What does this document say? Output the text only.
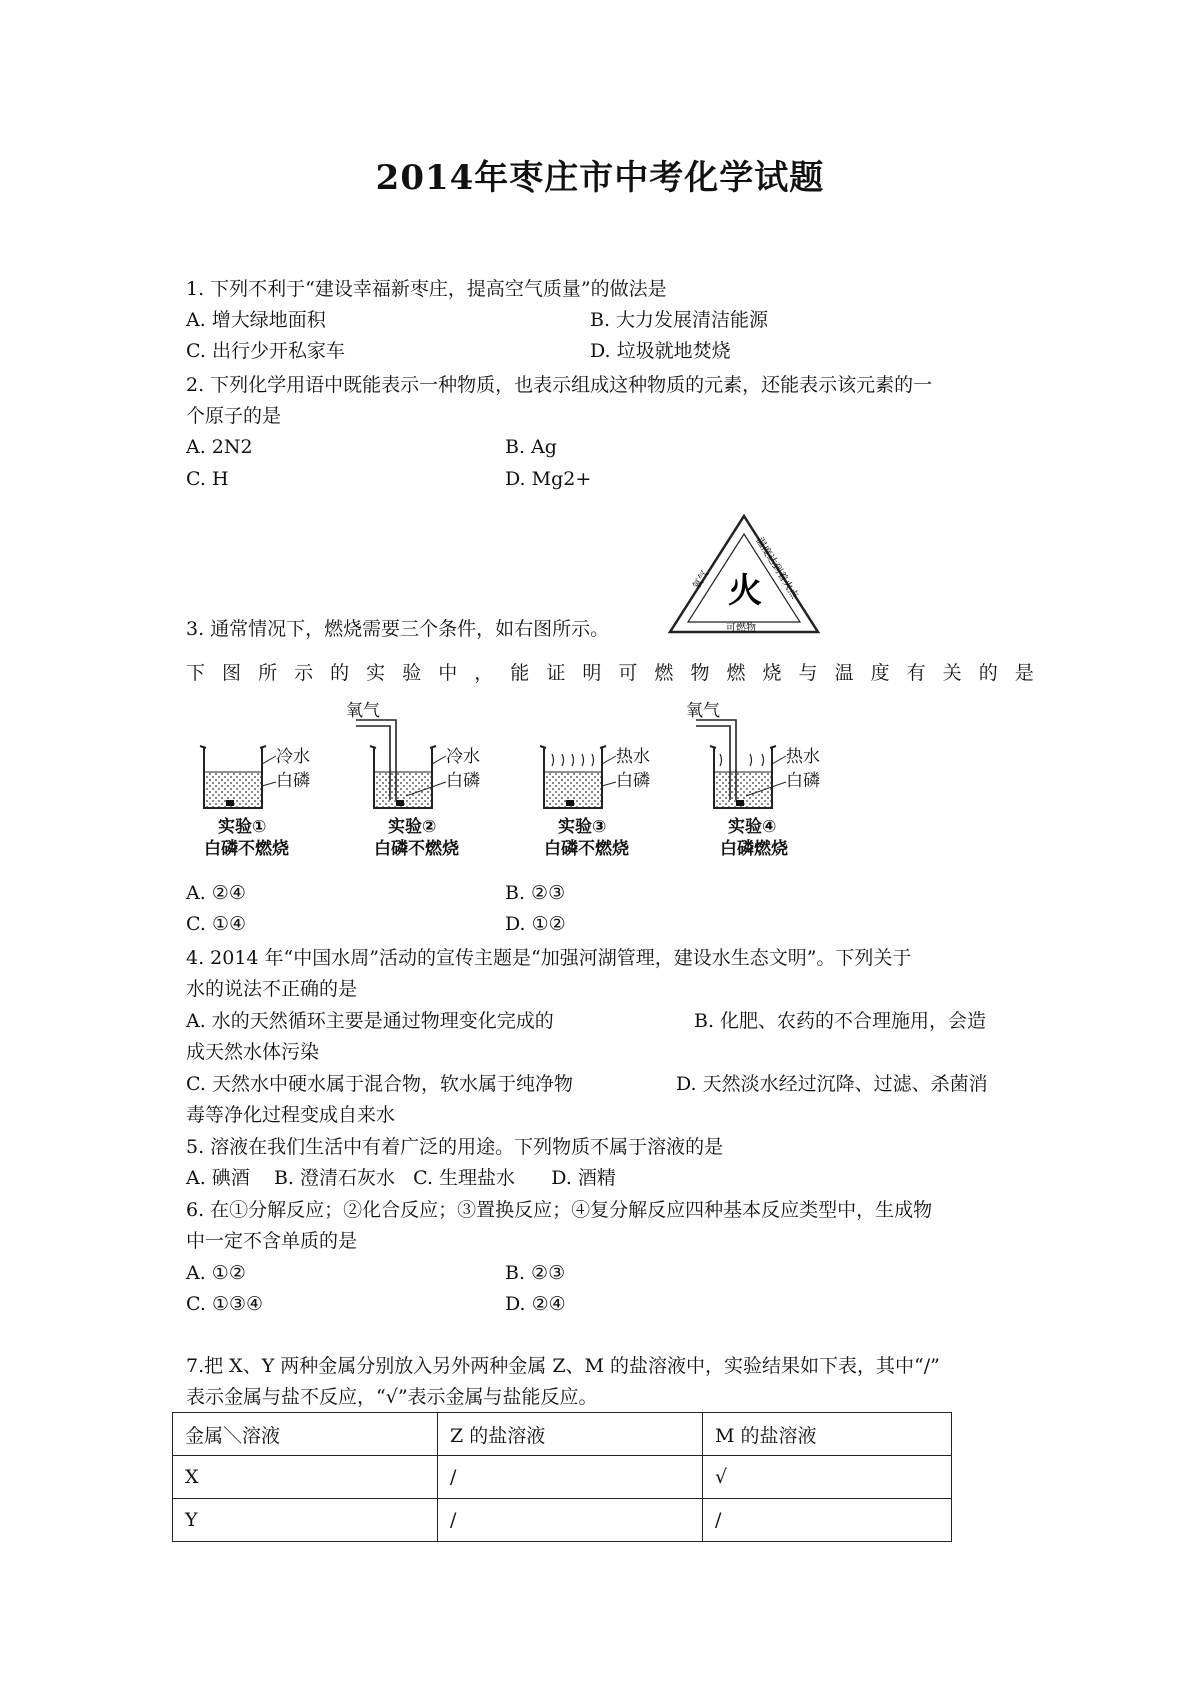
2014年枣庄市中考化学试题
1. 下列不利于“建设幸福新枣庄，提高空气质量”的做法是
A. 增大绿地面积	B. 大力发展清洁能源
C. 出行少开私家车	D. 垃圾就地焚烧
2. 下列化学用语中既能表示一种物质，也表示组成这种物质的元素，还能表示该元素的一
个原子的是
A. 2N2	B. Ag
C. H	D. Mg2+
氧气	温度达到着火点
可燃物
火
3. 通常情况下，燃烧需要三个条件，如右图所示。
下 图 所 示 的 实 验 中 ， 能 证 明 可 燃 物 燃 烧 与 温 度 有 关 的 是
冷水
白磷
实验①
白磷不燃烧
氧气
冷水
白磷
实验②
白磷不燃烧
热水
白磷
实验③
白磷不燃烧
氧气
热水
白磷
实验④
白磷燃烧
A. ②④	B. ②③
C. ①④	D. ①②
4. 2014 年“中国水周”活动的宣传主题是“加强河湖管理，建设水生态文明”。下列关于
水的说法不正确的是
A. 水的天然循环主要是通过物理变化完成的	B. 化肥、农药的不合理施用，会造
成天然水体污染
C. 天然水中硬水属于混合物，软水属于纯净物	D. 天然淡水经过沉降、过滤、杀菌消
毒等净化过程变成自来水
5. 溶液在我们生活中有着广泛的用途。下列物质不属于溶液的是
A. 碘酒    B. 澄清石灰水   C. 生理盐水      D. 酒精
6. 在①分解反应；②化合反应；③置换反应；④复分解反应四种基本反应类型中，生成物
中一定不含单质的是
A. ①②	B. ②③
C. ①③④	D. ②④
7.把 X、Y 两种金属分别放入另外两种金属 Z、M 的盐溶液中，实验结果如下表，其中“/”
表示金属与盐不反应，“√”表示金属与盐能反应。
金属＼溶液	Z 的盐溶液	M 的盐溶液
X	/	√
Y	/	/
